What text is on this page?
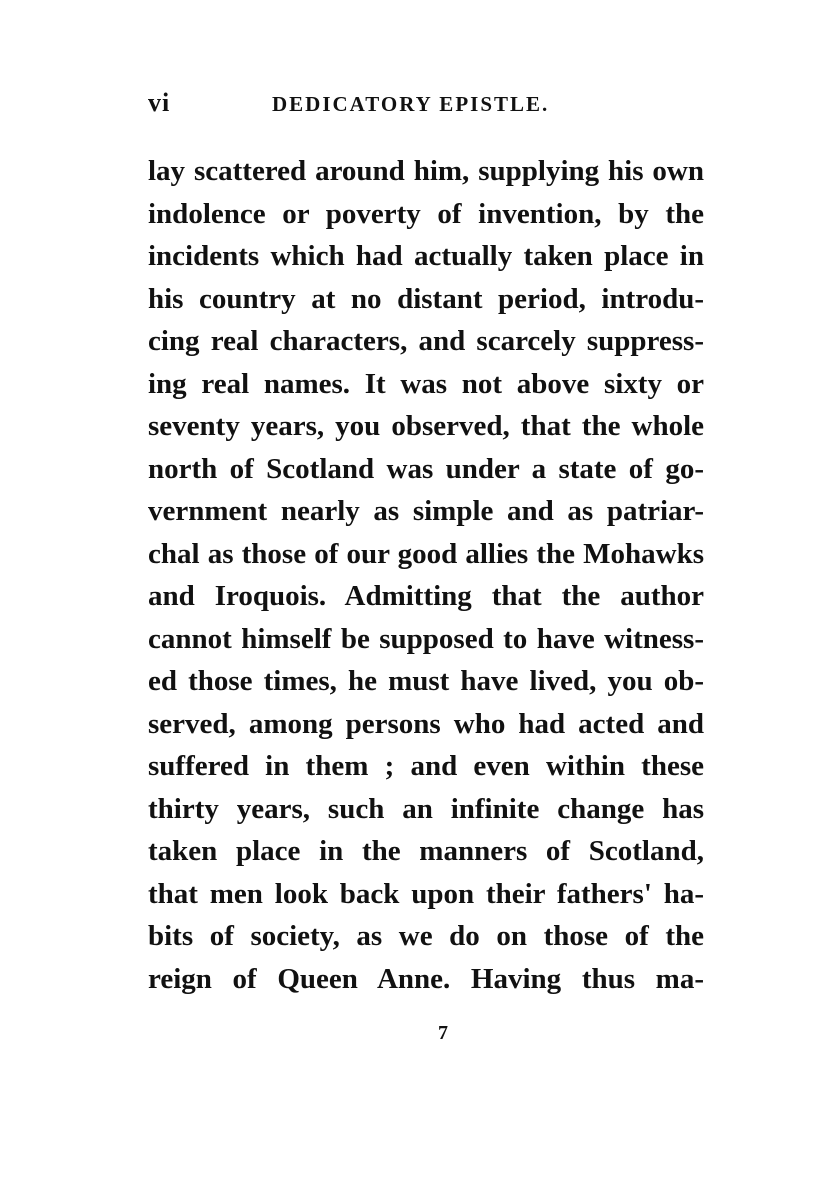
vi	DEDICATORY EPISTLE.
lay scattered around him, supplying his own
indolence or poverty of invention, by the
incidents which had actually taken place in
his country at no distant period, introdu-
cing real characters, and scarcely suppress-
ing real names. It was not above sixty or
seventy years, you observed, that the whole
north of Scotland was under a state of go-
vernment nearly as simple and as patriar-
chal as those of our good allies the Mohawks
and Iroquois. Admitting that the author
cannot himself be supposed to have witness-
ed those times, he must have lived, you ob-
served, among persons who had acted and
suffered in them ; and even within these
thirty years, such an infinite change has
taken place in the manners of Scotland,
that men look back upon their fathers' ha-
bits of society, as we do on those of the
reign of Queen Anne. Having thus ma-
7
